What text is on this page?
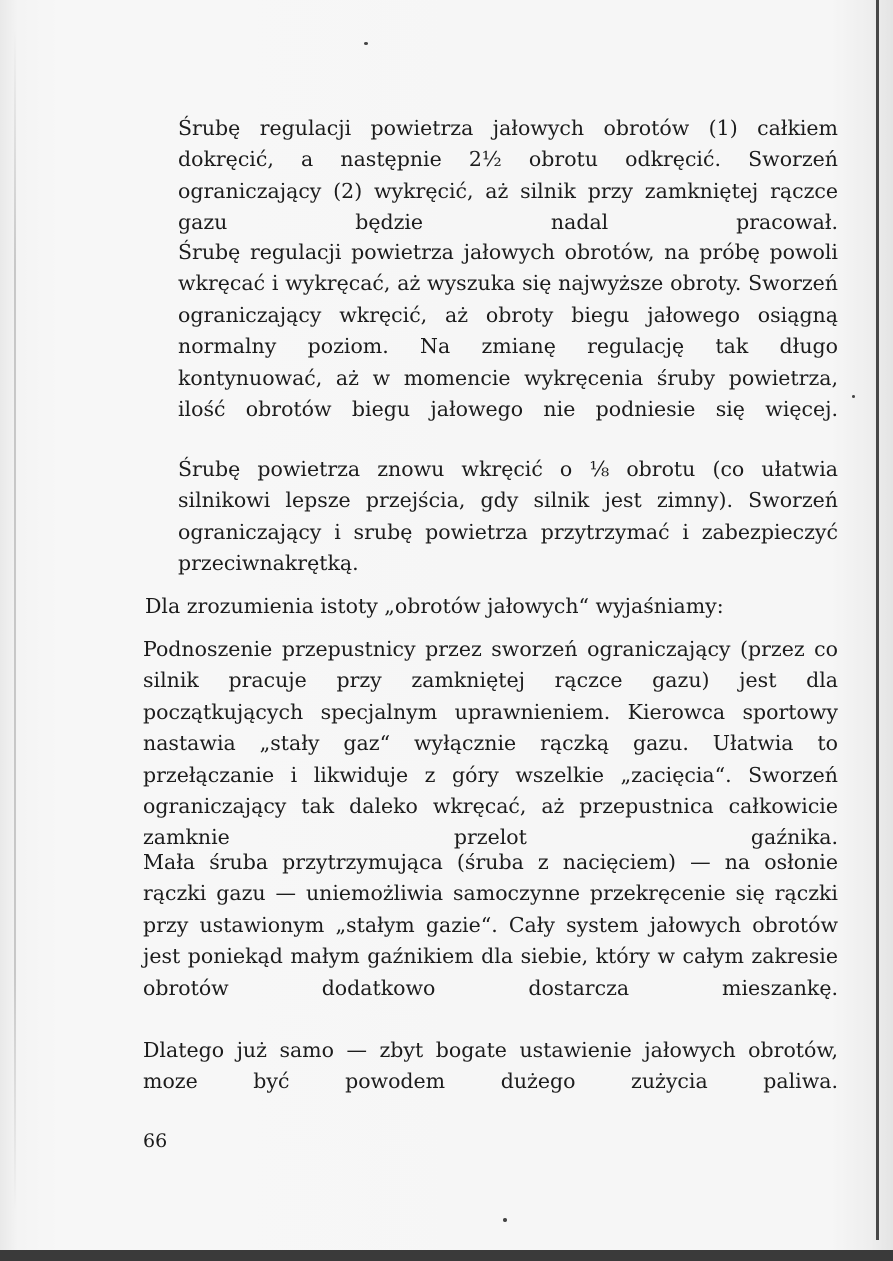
Śrubę regulacji powietrza jałowych obrotów (1) całkiem dokręcić, a następnie 2½ obrotu odkręcić. Sworzeń ograniczający (2) wykręcić, aż silnik przy zamkniętej rączce gazu będzie nadal pracował.

Śrubę regulacji powietrza jałowych obrotów, na próbę powoli wkręcać i wykręcać, aż wyszuka się najwyższe obroty. Sworzeń ograniczający wkręcić, aż obroty biegu jałowego osiągną normalny poziom. Na zmianę regulację tak długo kontynuować, aż w momencie wykręcenia śruby powietrza, ilość obrotów biegu jałowego nie podniesie się więcej.

Śrubę powietrza znowu wkręcić o ⅛ obrotu (co ułatwia silnikowi lepsze przejścia, gdy silnik jest zimny). Sworzeń ograniczający i srubę powietrza przytrzymać i zabezpieczyć przeciwnakrętką.

Dla zrozumienia istoty „obrotów jałowych“ wyjaśniamy:

Podnoszenie przepustnicy przez sworzeń ograniczający (przez co silnik pracuje przy zamkniętej rączce gazu) jest dla początkujących specjalnym uprawnieniem. Kierowca sportowy nastawia „stały gaz“ wyłącznie rączką gazu. Ułatwia to przełączanie i likwiduje z góry wszelkie „zacięcia“. Sworzeń ograniczający tak daleko wkręcać, aż przepustnica całkowicie zamknie przelot gaźnika.

Mała śruba przytrzymująca (śruba z nacięciem) — na osłonie rączki gazu — uniemożliwia samoczynne przekręcenie się rączki przy ustawionym „stałym gazie“. Cały system jałowych obrotów jest poniekąd małym gaźnikiem dla siebie, który w całym zakresie obrotów dodatkowo dostarcza mieszankę.

Dlatego już samo — zbyt bogate ustawienie jałowych obrotów, moze być powodem dużego zużycia paliwa.

66
